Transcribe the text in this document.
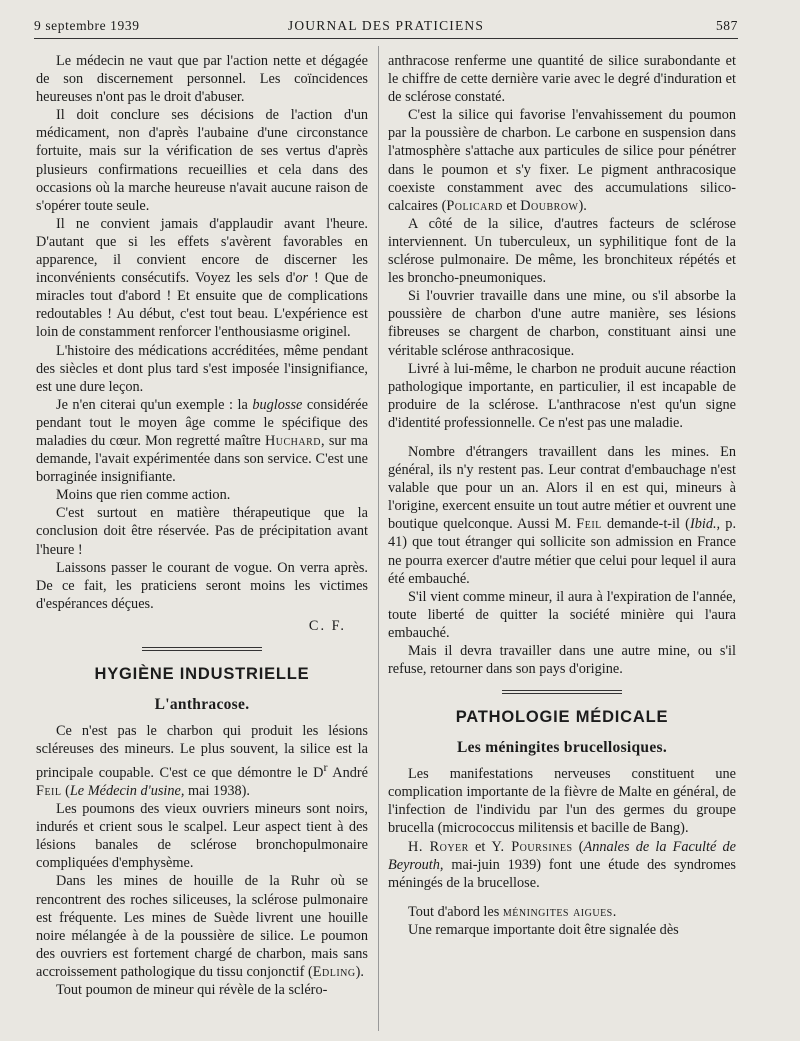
9 septembre 1939	JOURNAL DES PRATICIENS	587

Le médecin ne vaut que par l'action nette et dégagée de son discernement personnel. Les coïncidences heureuses n'ont pas le droit d'abuser.

Il doit conclure ses décisions de l'action d'un médicament, non d'après l'aubaine d'une circonstance fortuite, mais sur la vérification de ses vertus d'après plusieurs confirmations recueillies et cela dans des occasions où la marche heureuse n'avait aucune raison de s'opérer toute seule.

Il ne convient jamais d'applaudir avant l'heure. D'autant que si les effets s'avèrent favorables en apparence, il convient encore de discerner les inconvénients consécutifs. Voyez les sels d'or ! Que de miracles tout d'abord ! Et ensuite que de complications redoutables ! Au début, c'est tout beau. L'expérience est loin de constamment renforcer l'enthousiasme originel.

L'histoire des médications accréditées, même pendant des siècles et dont plus tard s'est imposée l'insignifiance, est une dure leçon.

Je n'en citerai qu'un exemple : la buglosse considérée pendant tout le moyen âge comme le spécifique des maladies du cœur. Mon regretté maître Huchard, sur ma demande, l'avait expérimentée dans son service. C'est une borraginée insignifiante.

Moins que rien comme action.

C'est surtout en matière thérapeutique que la conclusion doit être réservée. Pas de précipitation avant l'heure !

Laissons passer le courant de vogue. On verra après. De ce fait, les praticiens seront moins les victimes d'espérances déçues.

C. F.
HYGIÈNE INDUSTRIELLE
L'anthracose.

Ce n'est pas le charbon qui produit les lésions scléreuses des mineurs. Le plus souvent, la silice est la principale coupable. C'est ce que démontre le $D^r$ André Feil (Le Médecin d'usine, mai 1938).

Les poumons des vieux ouvriers mineurs sont noirs, indurés et crient sous le scalpel. Leur aspect tient à des lésions banales de sclérose bronchopulmonaire compliquées d'emphysème.

Dans les mines de houille de la Ruhr où se rencontrent des roches siliceuses, la sclérose pulmonaire est fréquente. Les mines de Suède livrent une houille noire mélangée à de la poussière de silice. Le poumon des ouvriers est fortement chargé de charbon, mais sans accroissement pathologique du tissu conjonctif (Edling).

Tout poumon de mineur qui révèle de la scléro-

anthracose renferme une quantité de silice surabondante et le chiffre de cette dernière varie avec le degré d'induration et de sclérose constaté.

C'est la silice qui favorise l'envahissement du poumon par la poussière de charbon. Le carbone en suspension dans l'atmosphère s'attache aux particules de silice pour pénétrer dans le poumon et s'y fixer. Le pigment anthracosique coexiste constamment avec des accumulations silico-calcaires (Policard et Doubrow).

A côté de la silice, d'autres facteurs de sclérose interviennent. Un tuberculeux, un syphilitique font de la sclérose pulmonaire. De même, les bronchiteux répétés et les broncho-pneumoniques.

Si l'ouvrier travaille dans une mine, ou s'il absorbe la poussière de charbon d'une autre manière, ses lésions fibreuses se chargent de charbon, constituant ainsi une véritable sclérose anthracosique.

Livré à lui-même, le charbon ne produit aucune réaction pathologique importante, en particulier, il est incapable de produire de la sclérose. L'anthracose n'est qu'un signe d'identité professionnelle. Ce n'est pas une maladie.

Nombre d'étrangers travaillent dans les mines. En général, ils n'y restent pas. Leur contrat d'embauchage n'est valable que pour un an. Alors il en est qui, mineurs à l'origine, exercent ensuite un tout autre métier et ouvrent une boutique quelconque. Aussi M. Feil demande-t-il (Ibid., p. 41) que tout étranger qui sollicite son admission en France ne pourra exercer d'autre métier que celui pour lequel il aura été embauché.

S'il vient comme mineur, il aura à l'expiration de l'année, toute liberté de quitter la société minière qui l'aura embauché.

Mais il devra travailler dans une autre mine, ou s'il refuse, retourner dans son pays d'origine.

PATHOLOGIE MÉDICALE
Les méningites brucellosiques.

Les manifestations nerveuses constituent une complication importante de la fièvre de Malte en général, de l'infection de l'individu par l'un des germes du groupe brucella (micrococcus militensis et bacille de Bang).

H. Royer et Y. Poursines (Annales de la Faculté de Beyrouth, mai-juin 1939) font une étude des syndromes méningés de la brucellose.

Tout d'abord les méningites aigues.

Une remarque importante doit être signalée dès
